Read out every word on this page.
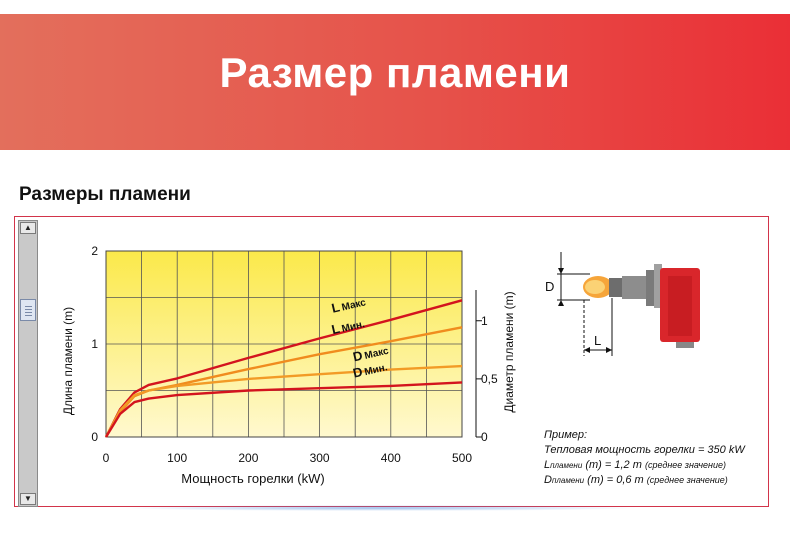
Размер пламени
Размеры пламени
▲
▼
0	100	200	300	400	500
0
1
2
0
0,5
1
LМакс
LМин.
DМакс
DМин.
Мощность горелки (kW)
Длина пламени (m)	Диаметр пламени (m)
D
L
Пример:
Тепловая мощность горелки = 350 kW
Lпламени (m) = 1,2 m (среднее значение)
Dпламени (m) = 0,6 m (среднее значение)
